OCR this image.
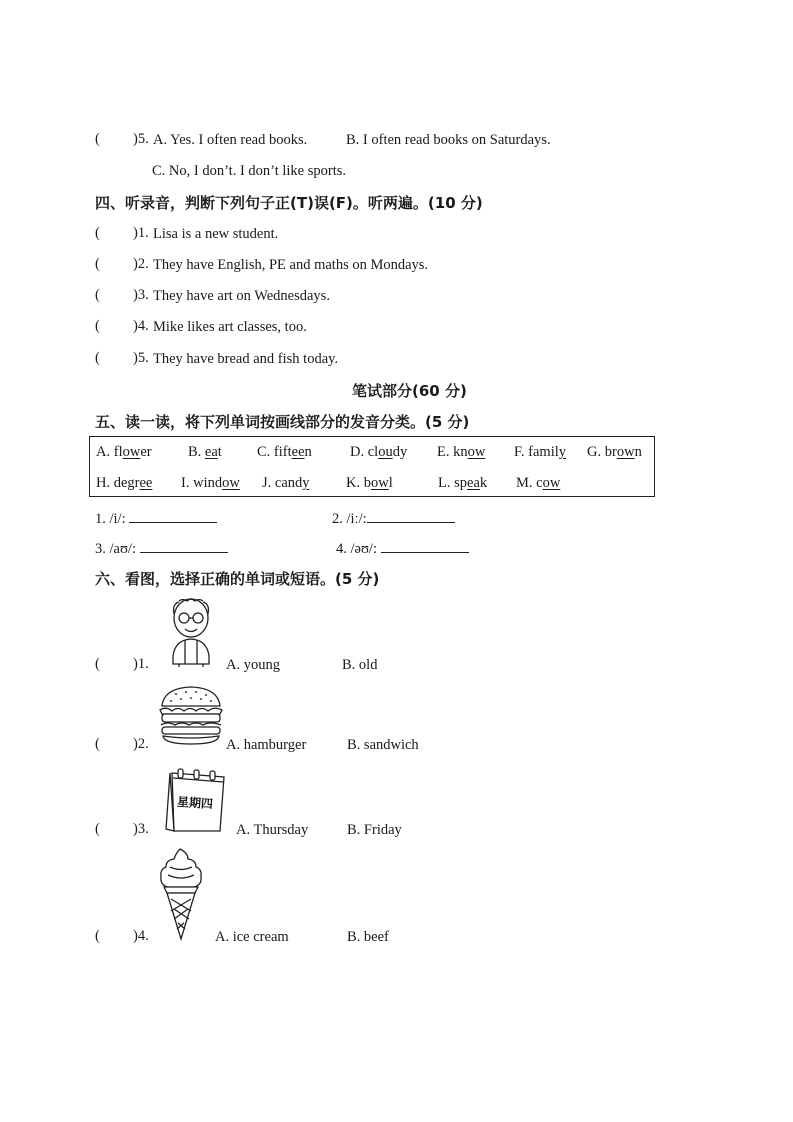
( )5. A. Yes. I often read books.	B. I often read books on Saturdays.
C. No, I don’t. I don’t like sports.
四、听录音，判断下列句子正(T)误(F)。听两遍。(10 分)
( )1. Lisa is a new student.
( )2. They have English, PE and maths on Mondays.
( )3. They have art on Wednesdays.
( )4. Mike likes art classes, too.
( )5. They have bread and fish today.
笔试部分(60 分)
五、读一读，将下列单词按画线部分的发音分类。(5 分)
A. flower	B. eat C. fifteen	D. cloudy E. know F. family G. brown
H. degree I. window J. candy	K. bowl	L. speak M. cow
1. /i/:	2. /iː/:
3. /aʊ/:	4. /əʊ/:
六、看图，选择正确的单词或短语。(5 分)
( )1.	A. young	B. old
( )2.	A. hamburger	B. sandwich
星期四
( )3.	A. Thursday	B. Friday
( )4.	A. ice cream	B. beef
